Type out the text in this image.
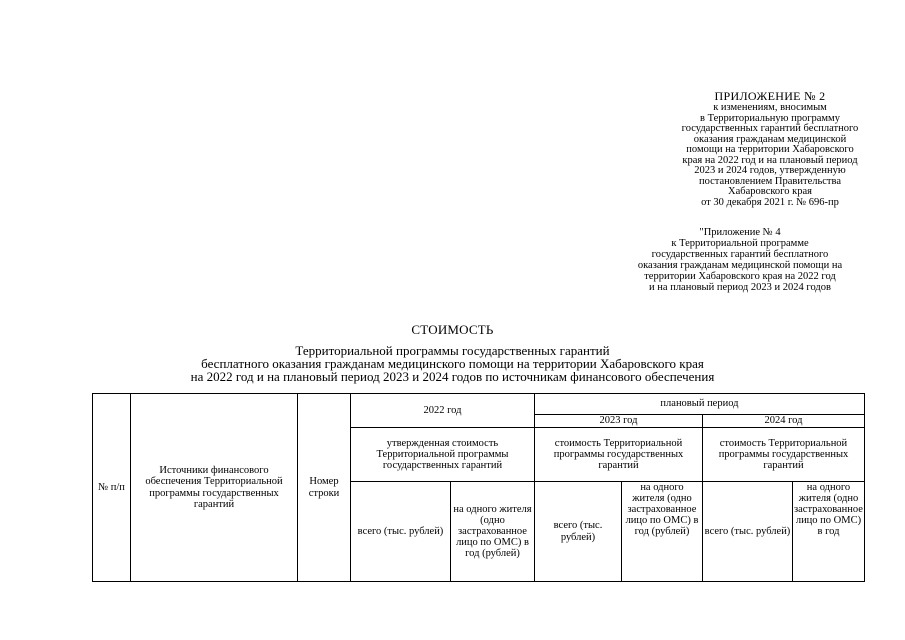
ПРИЛОЖЕНИЕ № 2
к изменениям, вносимым
в Территориальную программу
государственных гарантий бесплатного
оказания гражданам медицинской
помощи на территории Хабаровского
края на 2022 год и на плановый период
2023 и 2024 годов, утвержденную
постановлением Правительства
Хабаровского края
от 30 декабря 2021 г. № 696-пр
"Приложение № 4
к Территориальной программе
государственных гарантий бесплатного
оказания гражданам медицинской помощи на
территории Хабаровского края на 2022 год
и на плановый период 2023 и 2024 годов
СТОИМОСТЬ
Территориальной программы государственных гарантий
бесплатного оказания гражданам медицинского помощи на территории Хабаровского края
на 2022 год и на плановый период 2023 и 2024 годов по источникам финансового обеспечения
№ п/п	Источники финансового обеспечения Территориальной программы государственных гарантий	Номер строки	2022 год		плановый период			
					2023 год		2024 год	
			утвержденная стоимость Территориальной программы государственных гарантий		стоимость Территориальной программы государственных гарантий		стоимость Территориальной программы государственных гарантий	
			всего (тыс. рублей)	на одного жителя (одно застрахованное лицо по ОМС) в год (рублей)	всего (тыс. рублей)	на одного жителя (одно застрахованное лицо по ОМС) в год (рублей)	всего (тыс. рублей)	на одного жителя (одно застрахованное лицо по ОМС) в год
